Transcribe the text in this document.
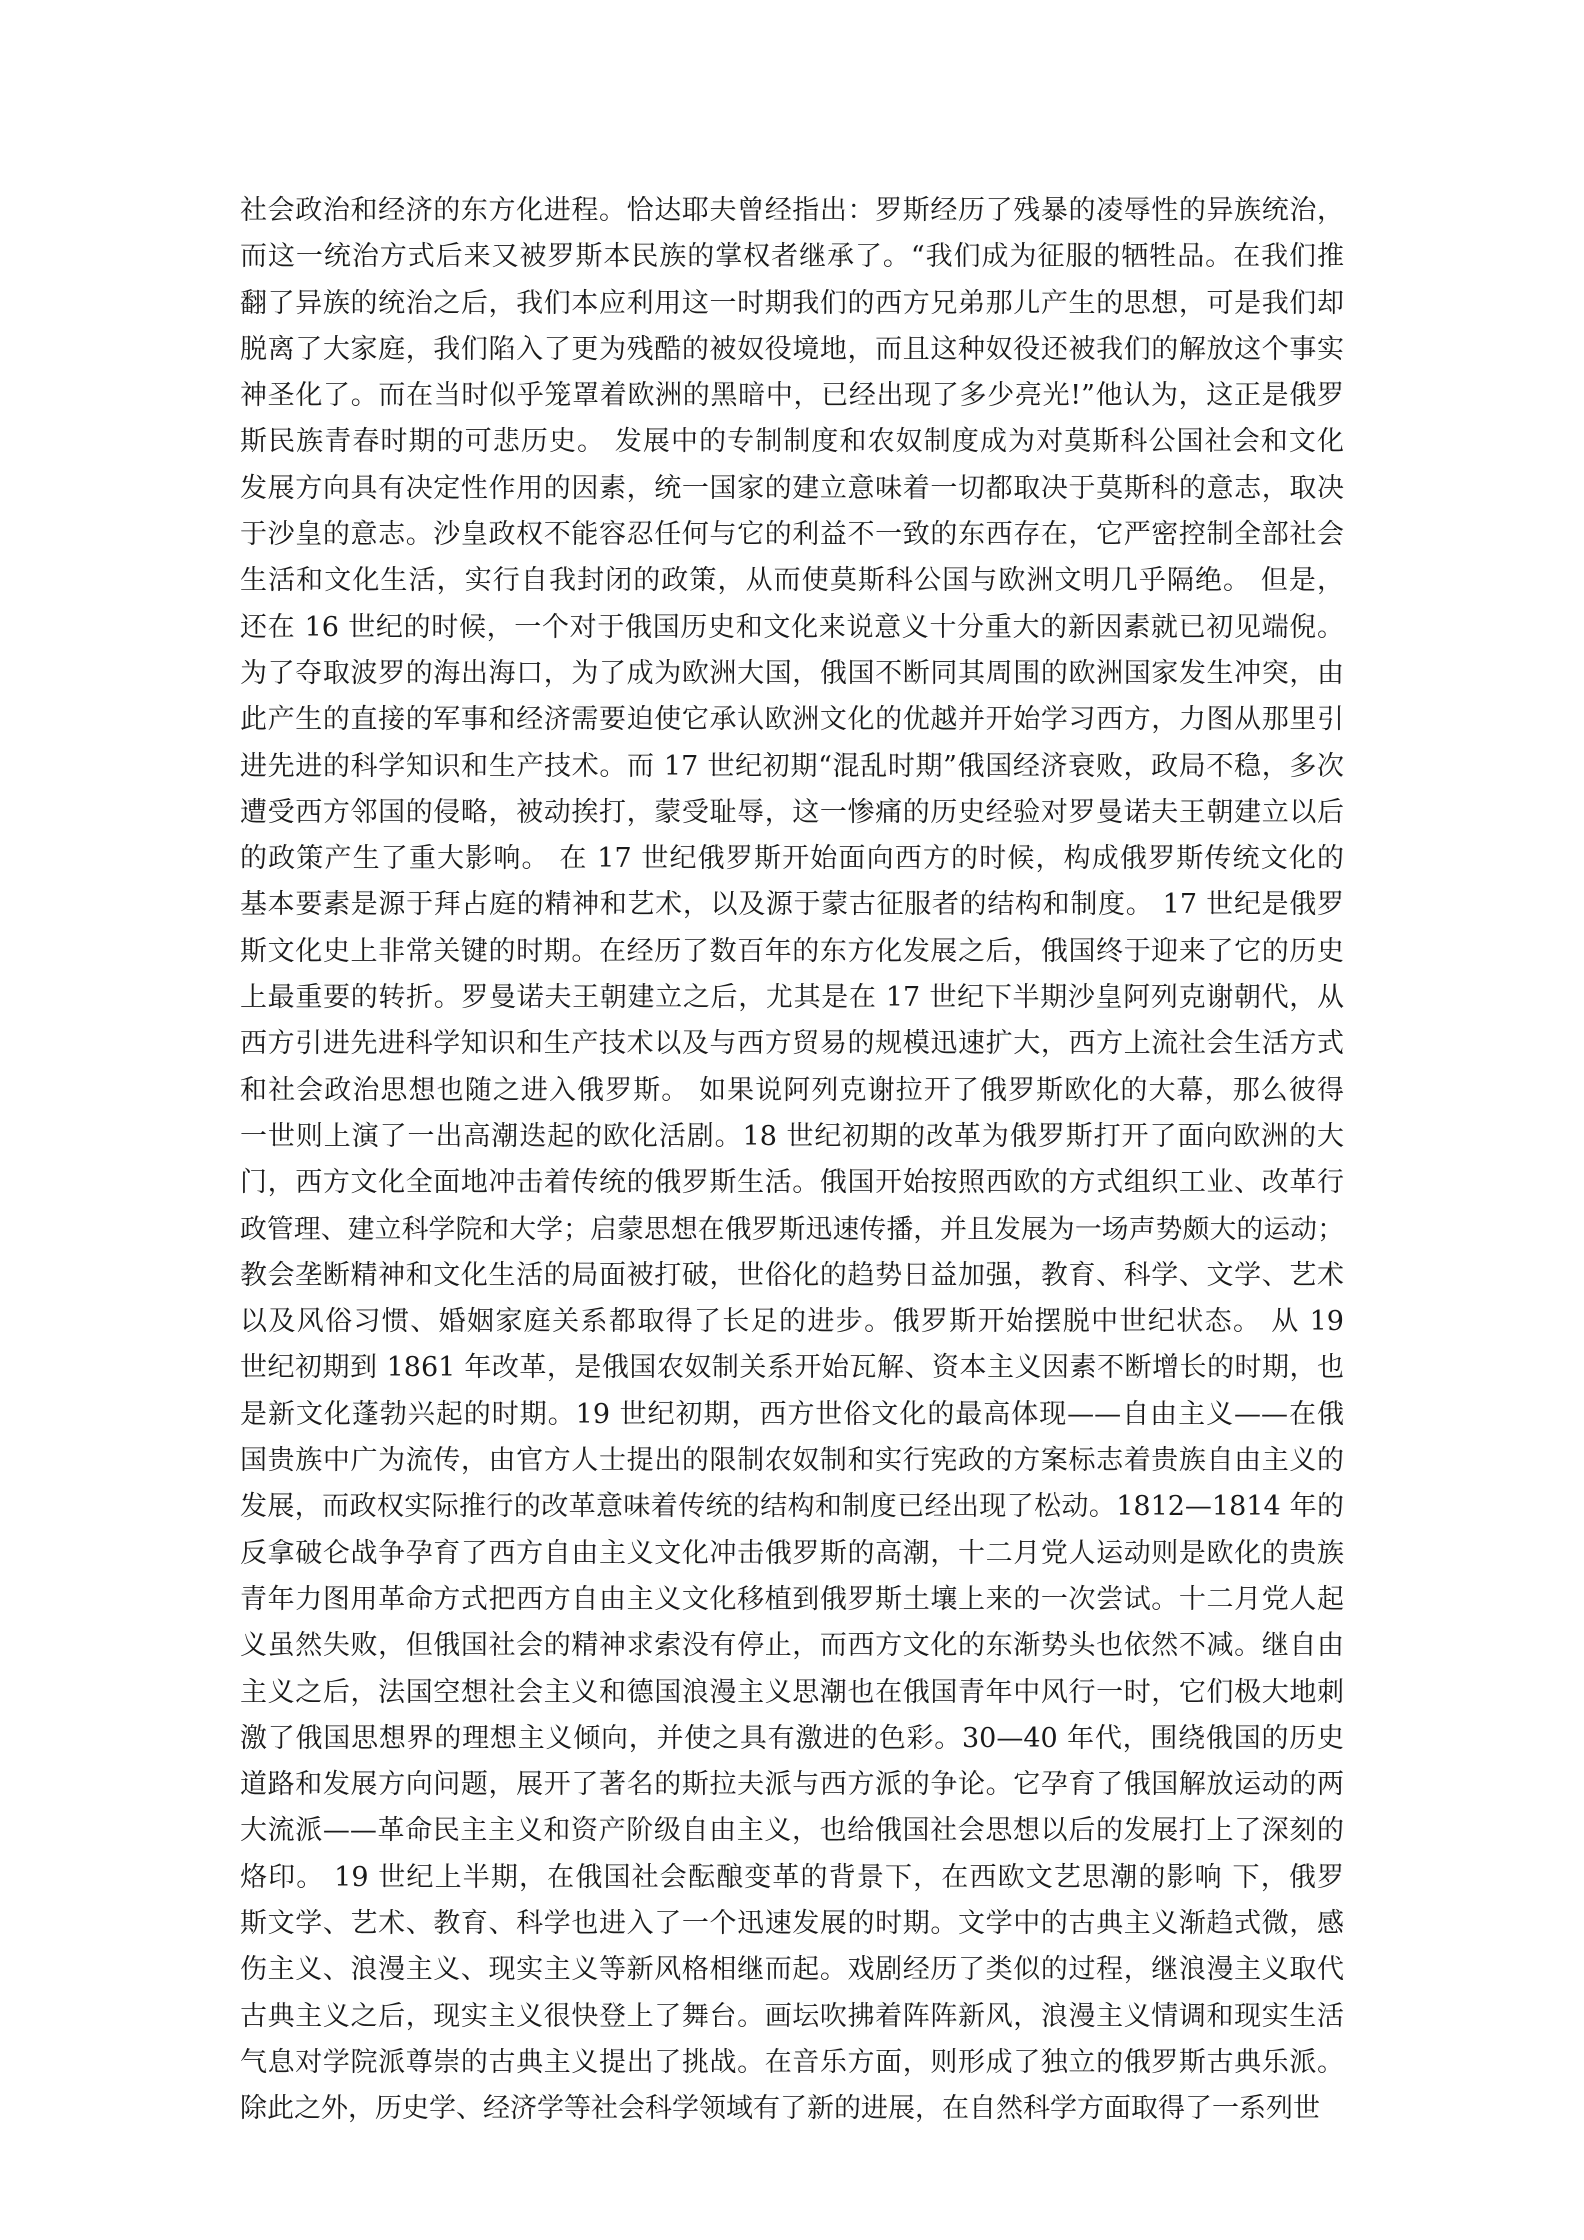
社会政治和经济的东方化进程。恰达耶夫曾经指出：罗斯经历了残暴的凌辱性的异族统治，
而这一统治方式后来又被罗斯本民族的掌权者继承了。“我们成为征服的牺牲品。在我们推
翻了异族的统治之后，我们本应利用这一时期我们的西方兄弟那儿产生的思想，可是我们却
脱离了大家庭，我们陷入了更为残酷的被奴役境地，而且这种奴役还被我们的解放这个事实
神圣化了。而在当时似乎笼罩着欧洲的黑暗中，已经出现了多少亮光!”他认为，这正是俄罗
斯民族青春时期的可悲历史。 发展中的专制制度和农奴制度成为对莫斯科公国社会和文化
发展方向具有决定性作用的因素，统一国家的建立意味着一切都取决于莫斯科的意志，取决
于沙皇的意志。沙皇政权不能容忍任何与它的利益不一致的东西存在，它严密控制全部社会
生活和文化生活，实行自我封闭的政策，从而使莫斯科公国与欧洲文明几乎隔绝。 但是，
还在 16 世纪的时候，一个对于俄国历史和文化来说意义十分重大的新因素就已初见端倪。
为了夺取波罗的海出海口，为了成为欧洲大国，俄国不断同其周围的欧洲国家发生冲突，由
此产生的直接的军事和经济需要迫使它承认欧洲文化的优越并开始学习西方，力图从那里引
进先进的科学知识和生产技术。而 17 世纪初期“混乱时期”俄国经济衰败，政局不稳，多次
遭受西方邻国的侵略，被动挨打，蒙受耻辱，这一惨痛的历史经验对罗曼诺夫王朝建立以后
的政策产生了重大影响。 在 17 世纪俄罗斯开始面向西方的时候，构成俄罗斯传统文化的
基本要素是源于拜占庭的精神和艺术，以及源于蒙古征服者的结构和制度。 17 世纪是俄罗
斯文化史上非常关键的时期。在经历了数百年的东方化发展之后，俄国终于迎来了它的历史
上最重要的转折。罗曼诺夫王朝建立之后，尤其是在 17 世纪下半期沙皇阿列克谢朝代，从
西方引进先进科学知识和生产技术以及与西方贸易的规模迅速扩大，西方上流社会生活方式
和社会政治思想也随之进入俄罗斯。 如果说阿列克谢拉开了俄罗斯欧化的大幕，那么彼得
一世则上演了一出高潮迭起的欧化活剧。18 世纪初期的改革为俄罗斯打开了面向欧洲的大
门，西方文化全面地冲击着传统的俄罗斯生活。俄国开始按照西欧的方式组织工业、改革行
政管理、建立科学院和大学；启蒙思想在俄罗斯迅速传播，并且发展为一场声势颇大的运动；
教会垄断精神和文化生活的局面被打破，世俗化的趋势日益加强，教育、科学、文学、艺术
以及风俗习惯、婚姻家庭关系都取得了长足的进步。俄罗斯开始摆脱中世纪状态。 从 19
世纪初期到 1861 年改革，是俄国农奴制关系开始瓦解、资本主义因素不断增长的时期，也
是新文化蓬勃兴起的时期。19 世纪初期，西方世俗文化的最高体现——自由主义——在俄
国贵族中广为流传，由官方人士提出的限制农奴制和实行宪政的方案标志着贵族自由主义的
发展，而政权实际推行的改革意味着传统的结构和制度已经出现了松动。1812—1814 年的
反拿破仑战争孕育了西方自由主义文化冲击俄罗斯的高潮，十二月党人运动则是欧化的贵族
青年力图用革命方式把西方自由主义文化移植到俄罗斯土壤上来的一次尝试。十二月党人起
义虽然失败，但俄国社会的精神求索没有停止，而西方文化的东渐势头也依然不减。继自由
主义之后，法国空想社会主义和德国浪漫主义思潮也在俄国青年中风行一时，它们极大地刺
激了俄国思想界的理想主义倾向，并使之具有激进的色彩。30—40 年代，围绕俄国的历史
道路和发展方向问题，展开了著名的斯拉夫派与西方派的争论。它孕育了俄国解放运动的两
大流派——革命民主主义和资产阶级自由主义，也给俄国社会思想以后的发展打上了深刻的
烙印。 19 世纪上半期，在俄国社会酝酿变革的背景下，在西欧文艺思潮的影响 下，俄罗
斯文学、艺术、教育、科学也进入了一个迅速发展的时期。文学中的古典主义渐趋式微，感
伤主义、浪漫主义、现实主义等新风格相继而起。戏剧经历了类似的过程，继浪漫主义取代
古典主义之后，现实主义很快登上了舞台。画坛吹拂着阵阵新风，浪漫主义情调和现实生活
气息对学院派尊崇的古典主义提出了挑战。在音乐方面，则形成了独立的俄罗斯古典乐派。
除此之外，历史学、经济学等社会科学领域有了新的进展，在自然科学方面取得了一系列世
